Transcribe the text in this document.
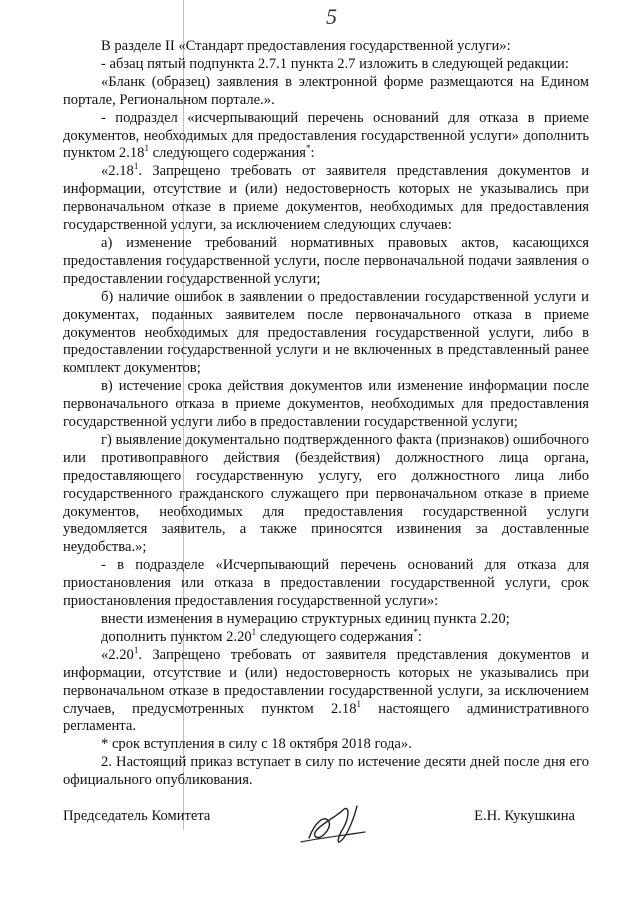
5

В разделе II «Стандарт предоставления государственной услуги»:

- абзац пятый подпункта 2.7.1 пункта 2.7 изложить в следующей редакции:

«Бланк (образец) заявления в электронной форме размещаются на Едином портале, Региональном портале.».

- подраздел «исчерпывающий перечень оснований для отказа в приеме документов, необходимых для предоставления государственной услуги» дополнить пунктом 2.18$^1$ следующего содержания*:

«2.18$^1$. Запрещено требовать от заявителя представления документов и информации, отсутствие и (или) недостоверность которых не указывались при первоначальном отказе в приеме документов, необходимых для предоставления государственной услуги, за исключением следующих случаев:

а) изменение требований нормативных правовых актов, касающихся предоставления государственной услуги, после первоначальной подачи заявления о предоставлении государственной услуги;

б) наличие ошибок в заявлении о предоставлении государственной услуги и документах, поданных заявителем после первоначального отказа в приеме документов необходимых для предоставления государственной услуги, либо в предоставлении государственной услуги и не включенных в представленный ранее комплект документов;

в) истечение срока действия документов или изменение информации после первоначального отказа в приеме документов, необходимых для предоставления государственной услуги либо в предоставлении государственной услуги;

г) выявление документально подтвержденного факта (признаков) ошибочного или противоправного действия (бездействия) должностного лица органа, предоставляющего государственную услугу, его должностного лица либо государственного гражданского служащего при первоначальном отказе в приеме документов, необходимых для предоставления государственной услуги уведомляется заявитель, а также приносятся извинения за доставленные неудобства.»;

- в подразделе «Исчерпывающий перечень оснований для отказа для приостановления или отказа в предоставлении государственной услуги, срок приостановления предоставления государственной услуги»:

внести изменения в нумерацию структурных единиц пункта 2.20;

дополнить пунктом 2.20$^1$ следующего содержания*:

«2.20$^1$. Запрещено требовать от заявителя представления документов и информации, отсутствие и (или) недостоверность которых не указывались при первоначальном отказе в предоставлении государственной услуги, за исключением случаев, предусмотренных пунктом 2.18$^1$ настоящего административного регламента.

* срок вступления в силу с 18 октября 2018 года».

2. Настоящий приказ вступает в силу по истечение десяти дней после дня его официального опубликования.

Председатель Комитета	Е.Н. Кукушкина
